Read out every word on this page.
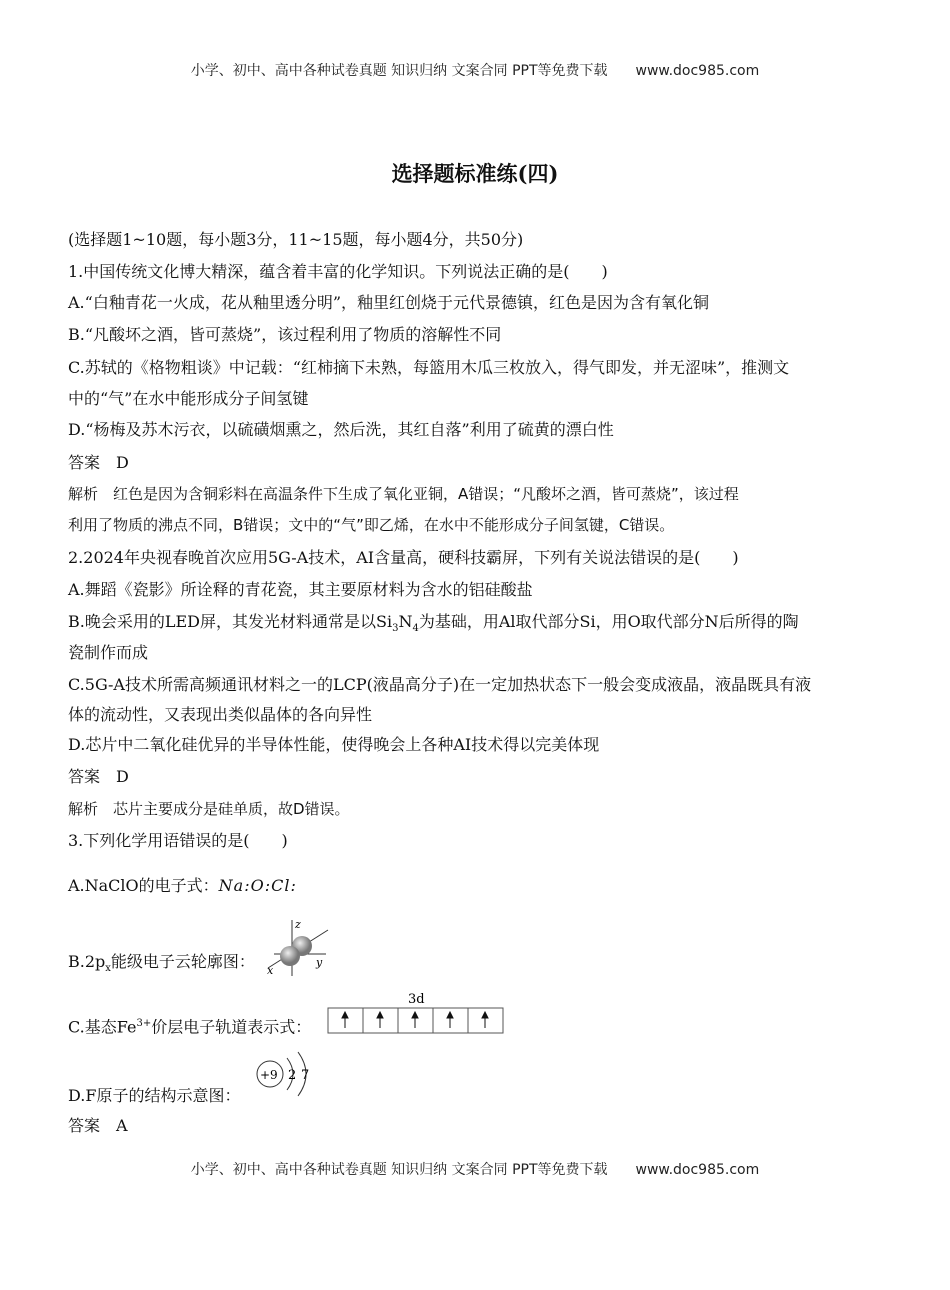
小学、初中、高中各种试卷真题 知识归纳 文案合同 PPT等免费下载 www.doc985.com
选择题标准练(四)
(选择题1~10题，每小题3分，11~15题，每小题4分，共50分)
1.中国传统文化博大精深，蕴含着丰富的化学知识。下列说法正确的是(　　)
A.“白釉青花一火成，花从釉里透分明”，釉里红创烧于元代景德镇，红色是因为含有氧化铜
B.“凡酸坏之酒，皆可蒸烧”，该过程利用了物质的溶解性不同
C.苏轼的《格物粗谈》中记载：“红柿摘下未熟，每篮用木瓜三枚放入，得气即发，并无涩味”，推测文
中的“气”在水中能形成分子间氢键
D.“杨梅及苏木污衣，以硫磺烟熏之，然后洗，其红自落”利用了硫黄的漂白性
答案　D
解析　红色是因为含铜彩料在高温条件下生成了氧化亚铜，A错误；“凡酸坏之酒，皆可蒸烧”，该过程
利用了物质的沸点不同，B错误；文中的“气”即乙烯，在水中不能形成分子间氢键，C错误。
2.2024年央视春晚首次应用5G-A技术，AI含量高，硬科技霸屏，下列有关说法错误的是(　　)
A.舞蹈《瓷影》所诠释的青花瓷，其主要原材料为含水的铝硅酸盐
B.晚会采用的LED屏，其发光材料通常是以$Si_3N_4$为基础，用Al取代部分Si，用O取代部分N后所得的陶
瓷制作而成
C.5G-A技术所需高频通讯材料之一的LCP(液晶高分子)在一定加热状态下一般会变成液晶，液晶既具有液
体的流动性，又表现出类似晶体的各向异性
D.芯片中二氧化硅优异的半导体性能，使得晚会上各种AI技术得以完美体现
答案　D
解析　芯片主要成分是硅单质，故D错误。
3.下列化学用语错误的是(　　)
A.NaClO的电子式：Na:O:Cl:
$B.2p_x$能级电子云轮廓图：
z
y
x
C.基态$Fe^{3+}$价层电子轨道表示式：
3d
D.F原子的结构示意图：
+9 2 7
答案　A
小学、初中、高中各种试卷真题 知识归纳 文案合同 PPT等免费下载 www.doc985.com
